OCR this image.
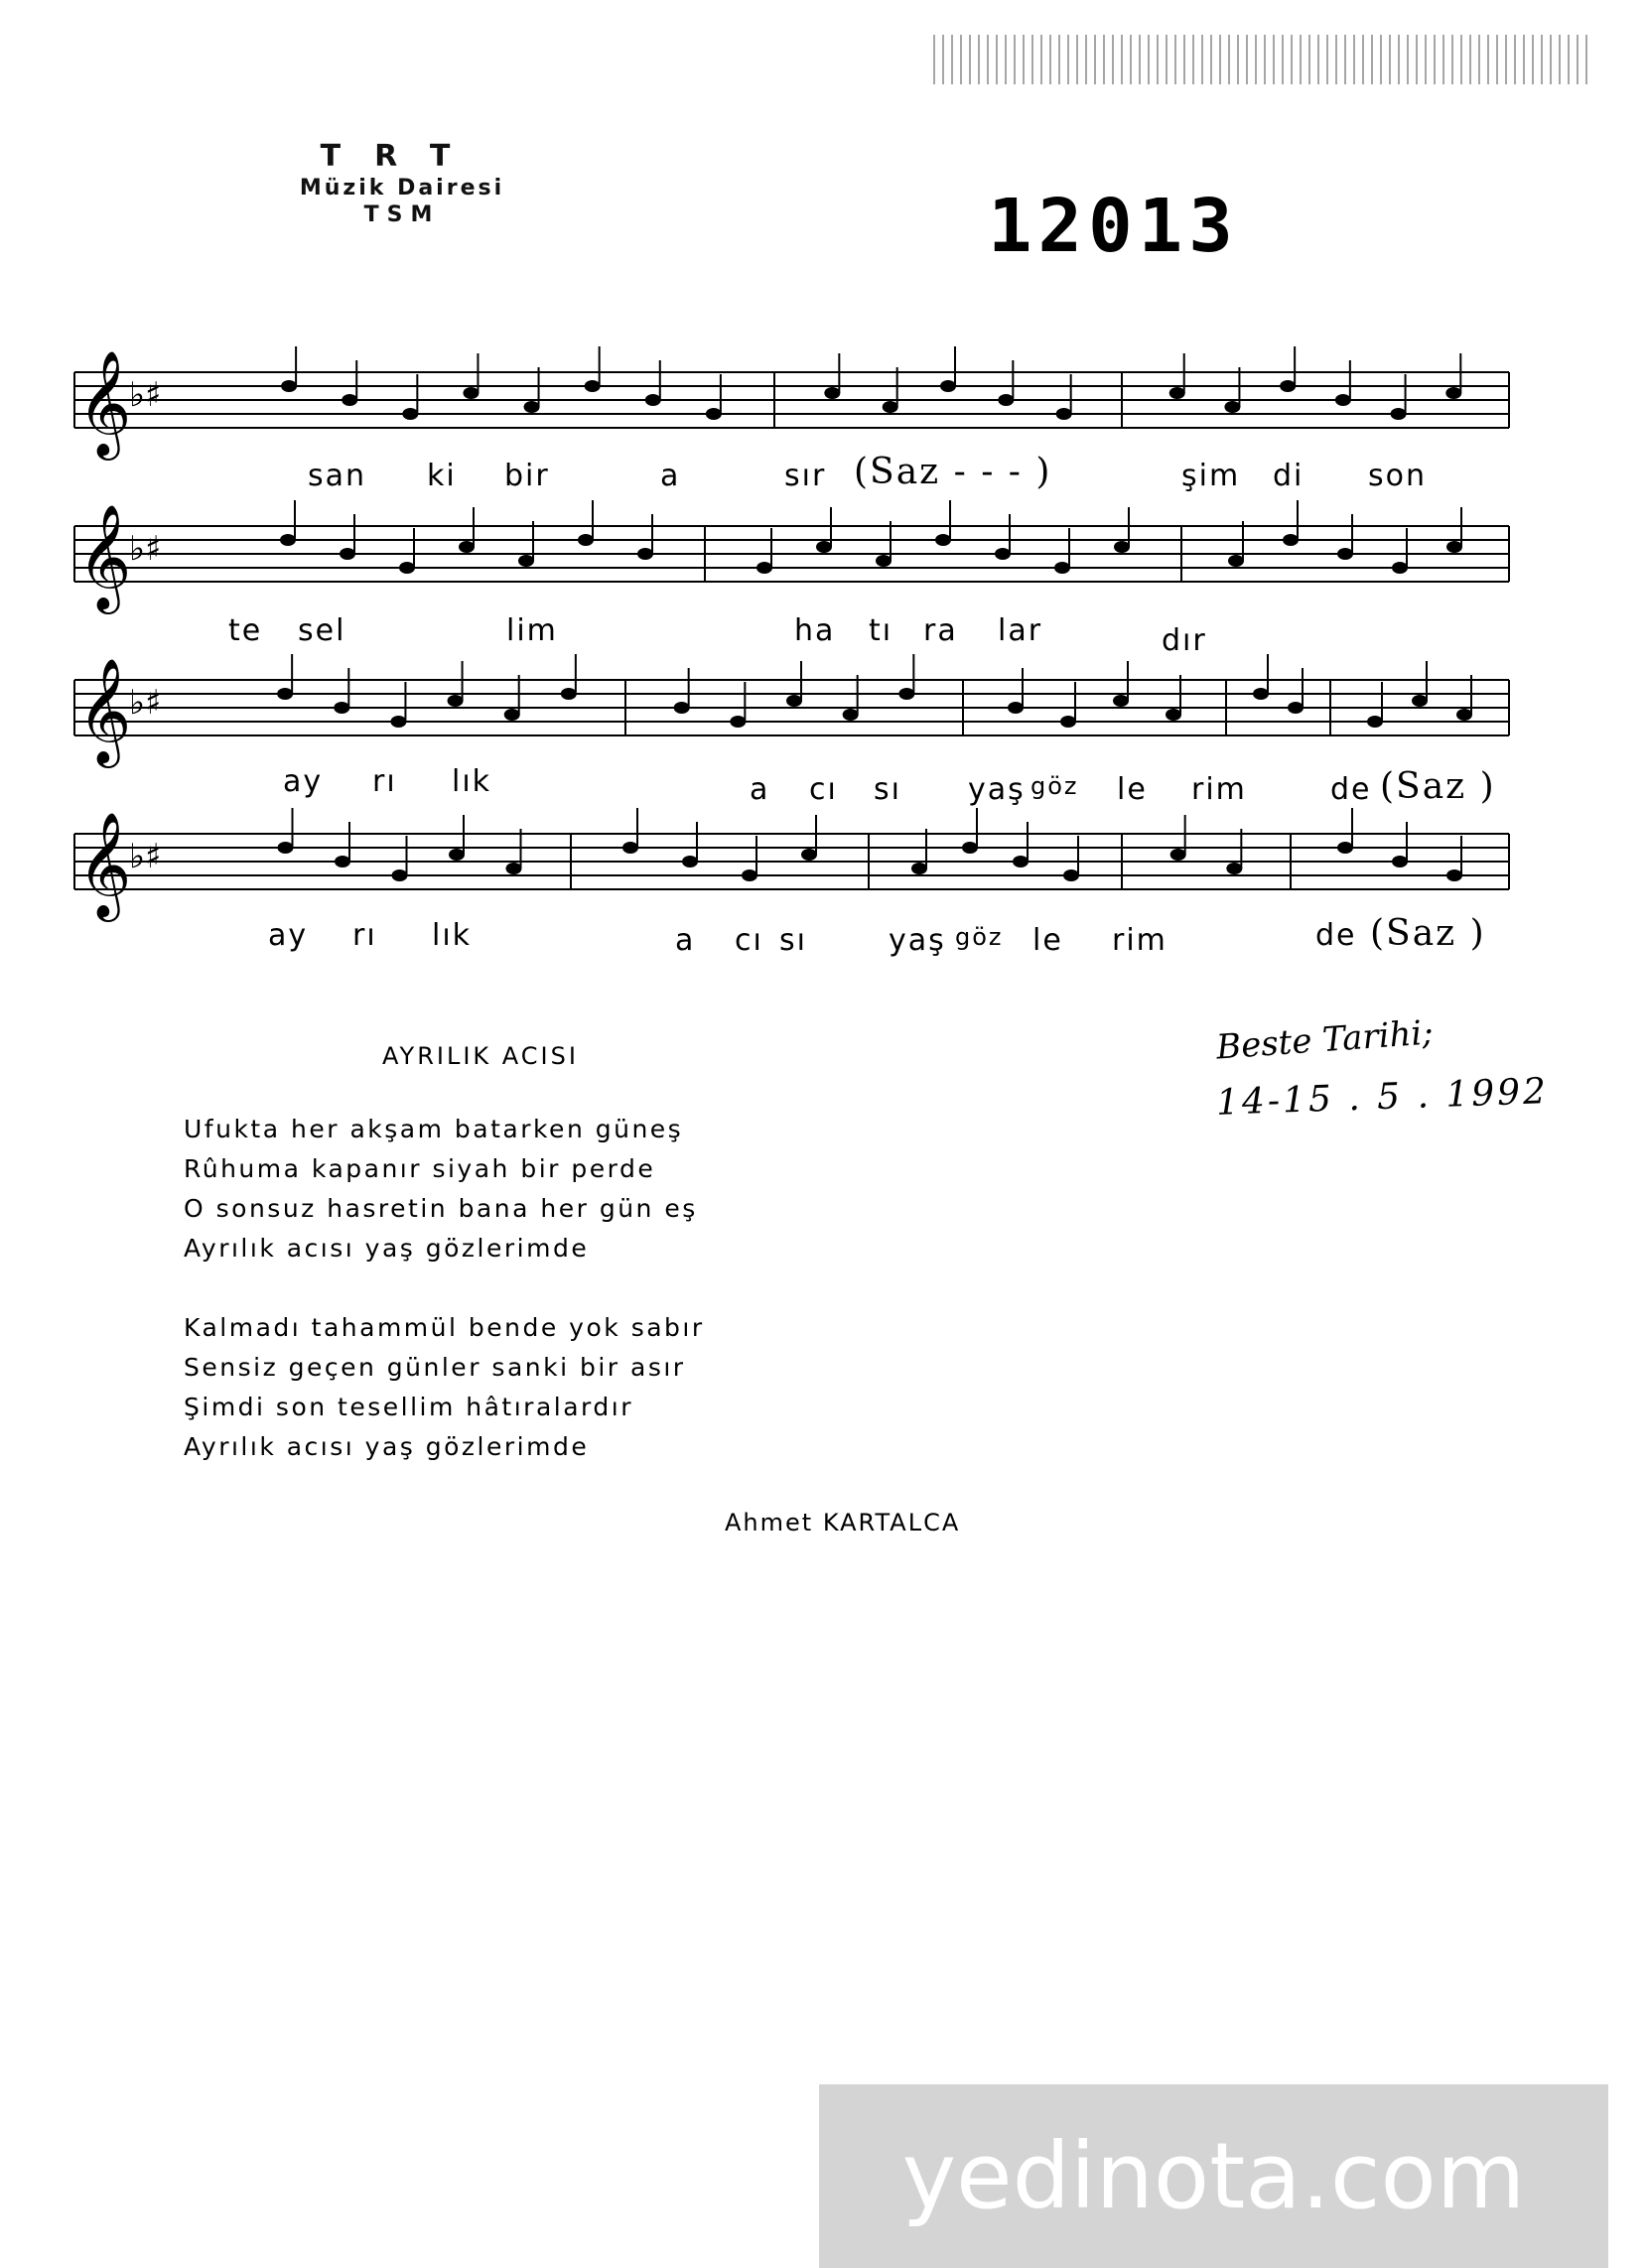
TRT
Müzik Dairesi
TSM	12013
𝄞
♭♯
𝄞
♭♯
𝄞
♭♯
𝄞
♭♯
san ki bir	a	sır (Saz - - - )	şim di son
te sel	lim	ha tı ra lar	dır
ay rı lık	a cı sı yaş göz le rim	de (Saz )
ay rı lık	a cı sı	yaş göz le rim	de (Saz )
AYRILIK ACISI	Beste Tarihi;
14-15 . 5 . 1992
Ufukta her akşam batarken güneş
Rûhuma kapanır siyah bir perde
O sonsuz hasretin bana her gün eş
Ayrılık acısı yaş gözlerimde
Kalmadı tahammül bende yok sabır
Sensiz geçen günler sanki bir asır
Şimdi son tesellim hâtıralardır
Ayrılık acısı yaş gözlerimde
Ahmet KARTALCA
yedinota.com
